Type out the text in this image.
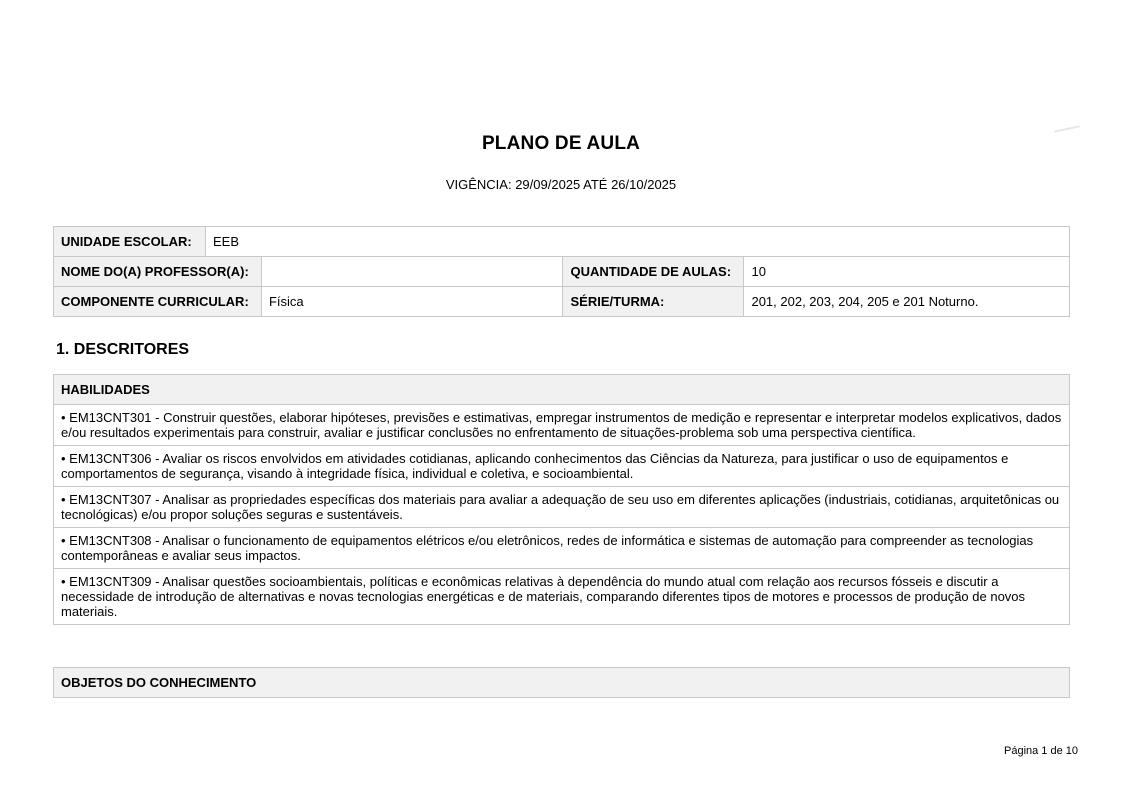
PLANO DE AULA
VIGÊNCIA: 29/09/2025 ATÉ 26/10/2025
UNIDADE ESCOLAR:	EEB			
NOME DO(A) PROFESSOR(A):			QUANTIDADE DE AULAS:	10
COMPONENTE CURRICULAR:		Física	SÉRIE/TURMA:	201, 202, 203, 204, 205 e 201 Noturno.
1. DESCRITORES
HABILIDADES
• EM13CNT301 - Construir questões, elaborar hipóteses, previsões e estimativas, empregar instrumentos de medição e representar e interpretar modelos explicativos, dados e/ou resultados experimentais para construir, avaliar e justificar conclusões no enfrentamento de situações-problema sob uma perspectiva científica.
• EM13CNT306 - Avaliar os riscos envolvidos em atividades cotidianas, aplicando conhecimentos das Ciências da Natureza, para justificar o uso de equipamentos e comportamentos de segurança, visando à integridade física, individual e coletiva, e socioambiental.
• EM13CNT307 - Analisar as propriedades específicas dos materiais para avaliar a adequação de seu uso em diferentes aplicações (industriais, cotidianas, arquitetônicas ou tecnológicas) e/ou propor soluções seguras e sustentáveis.
• EM13CNT308 - Analisar o funcionamento de equipamentos elétricos e/ou eletrônicos, redes de informática e sistemas de automação para compreender as tecnologias contemporâneas e avaliar seus impactos.
• EM13CNT309 - Analisar questões socioambientais, políticas e econômicas relativas à dependência do mundo atual com relação aos recursos fósseis e discutir a necessidade de introdução de alternativas e novas tecnologias energéticas e de materiais, comparando diferentes tipos de motores e processos de produção de novos materiais.
OBJETOS DO CONHECIMENTO
Página 1 de 10
